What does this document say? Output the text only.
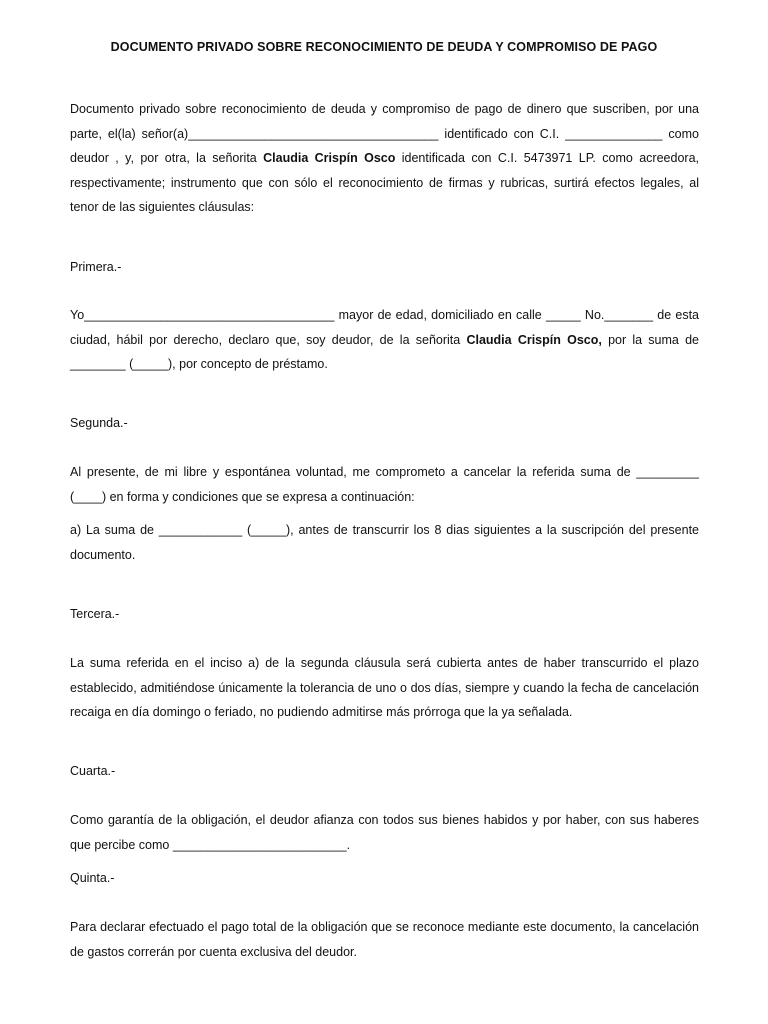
DOCUMENTO PRIVADO SOBRE RECONOCIMIENTO DE DEUDA Y COMPROMISO DE PAGO
Documento privado sobre reconocimiento de deuda y compromiso de pago de dinero que suscriben, por una parte, el(la) señor(a)____________________________________ identificado con C.I. ______________ como deudor , y, por otra, la señorita Claudia Crispín Osco identificada con C.I. 5473971 LP. como acreedora, respectivamente; instrumento que con sólo el reconocimiento de firmas y rubricas, surtirá efectos legales, al tenor de las siguientes cláusulas:
Primera.-
Yo____________________________________ mayor de edad, domiciliado en calle _____ No._______ de esta ciudad, hábil por derecho, declaro que, soy deudor, de la señorita Claudia Crispín Osco, por la suma de ________ (_____), por concepto de préstamo.
Segunda.-
Al presente, de mi libre y espontánea voluntad, me comprometo a cancelar la referida suma de _________ (____) en forma y condiciones que se expresa a continuación:
a) La suma de ____________ (_____), antes de transcurrir los 8 dias siguientes a la suscripción del presente documento.
Tercera.-
La suma referida en el inciso a) de la segunda cláusula será cubierta antes de haber transcurrido el plazo establecido, admitiéndose únicamente la tolerancia de uno o dos días, siempre y cuando la fecha de cancelación recaiga en día domingo o feriado, no pudiendo admitirse más prórroga que la ya señalada.
Cuarta.-
Como garantía de la obligación, el deudor afianza con todos sus bienes habidos y por haber, con sus haberes que percibe como _________________________.
Quinta.-
Para declarar efectuado el pago total de la obligación que se reconoce mediante este documento, la cancelación de gastos correrán por cuenta exclusiva del deudor.
